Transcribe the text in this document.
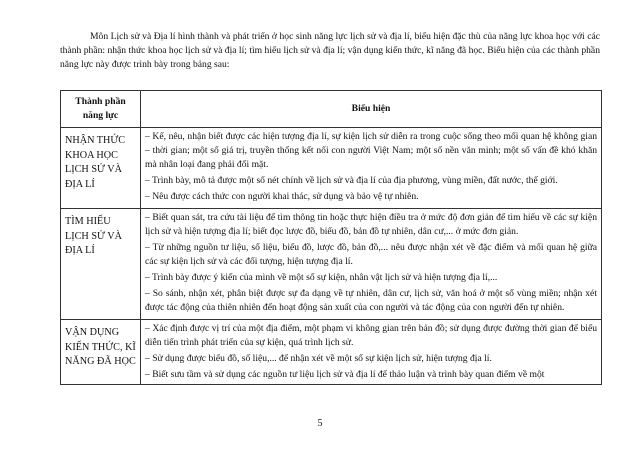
Môn Lịch sử và Địa lí hình thành và phát triển ở học sinh năng lực lịch sử và địa lí, biểu hiện đặc thù của năng lực khoa học với các thành phần: nhận thức khoa học lịch sử và địa lí; tìm hiểu lịch sử và địa lí; vận dụng kiến thức, kĩ năng đã học. Biểu hiện của các thành phần năng lực này được trình bày trong bảng sau:

Thành phần năng lực	Biểu hiện
NHẬN THỨC KHOA HỌC LỊCH SỬ VÀ ĐỊA LÍ	– Kể, nêu, nhận biết được các hiện tượng địa lí, sự kiện lịch sử diễn ra trong cuộc sống theo mối quan hệ không gian – thời gian; một số giá trị, truyền thống kết nối con người Việt Nam; một số nền văn minh; một số vấn đề khó khăn mà nhân loại đang phải đối mặt.

– Trình bày, mô tả được một số nét chính về lịch sử và địa lí của địa phương, vùng miền, đất nước, thế giới.

– Nêu được cách thức con người khai thác, sử dụng và bảo vệ tự nhiên.

TÌM HIỂU LỊCH SỬ VÀ ĐỊA LÍ	– Biết quan sát, tra cứu tài liệu để tìm thông tin hoặc thực hiện điều tra ở mức độ đơn giản để tìm hiểu về các sự kiện lịch sử và hiện tượng địa lí; biết đọc lược đồ, biểu đồ, bản đồ tự nhiên, dân cư,... ở mức đơn giản.

– Từ những nguồn tư liệu, số liệu, biểu đồ, lược đồ, bản đồ,... nêu được nhận xét về đặc điểm và mối quan hệ giữa các sự kiện lịch sử và các đối tượng, hiện tượng địa lí.

– Trình bày được ý kiến của mình về một số sự kiện, nhân vật lịch sử và hiện tượng địa lí,...

– So sánh, nhận xét, phân biệt được sự đa dạng về tự nhiên, dân cư, lịch sử, văn hoá ở một số vùng miền; nhận xét được tác động của thiên nhiên đến hoạt động sản xuất của con người và tác động của con người đến tự nhiên.

VẬN DỤNG KIẾN THỨC, KĨ NĂNG ĐÃ HỌC	– Xác định được vị trí của một địa điểm, một phạm vi không gian trên bản đồ; sử dụng được đường thời gian để biểu diễn tiến trình phát triển của sự kiện, quá trình lịch sử.

– Sử dụng được biểu đồ, số liệu,... để nhận xét về một số sự kiện lịch sử, hiện tượng địa lí.

– Biết sưu tầm và sử dụng các nguồn tư liệu lịch sử và địa lí để thảo luận và trình bày quan điểm về một

5
